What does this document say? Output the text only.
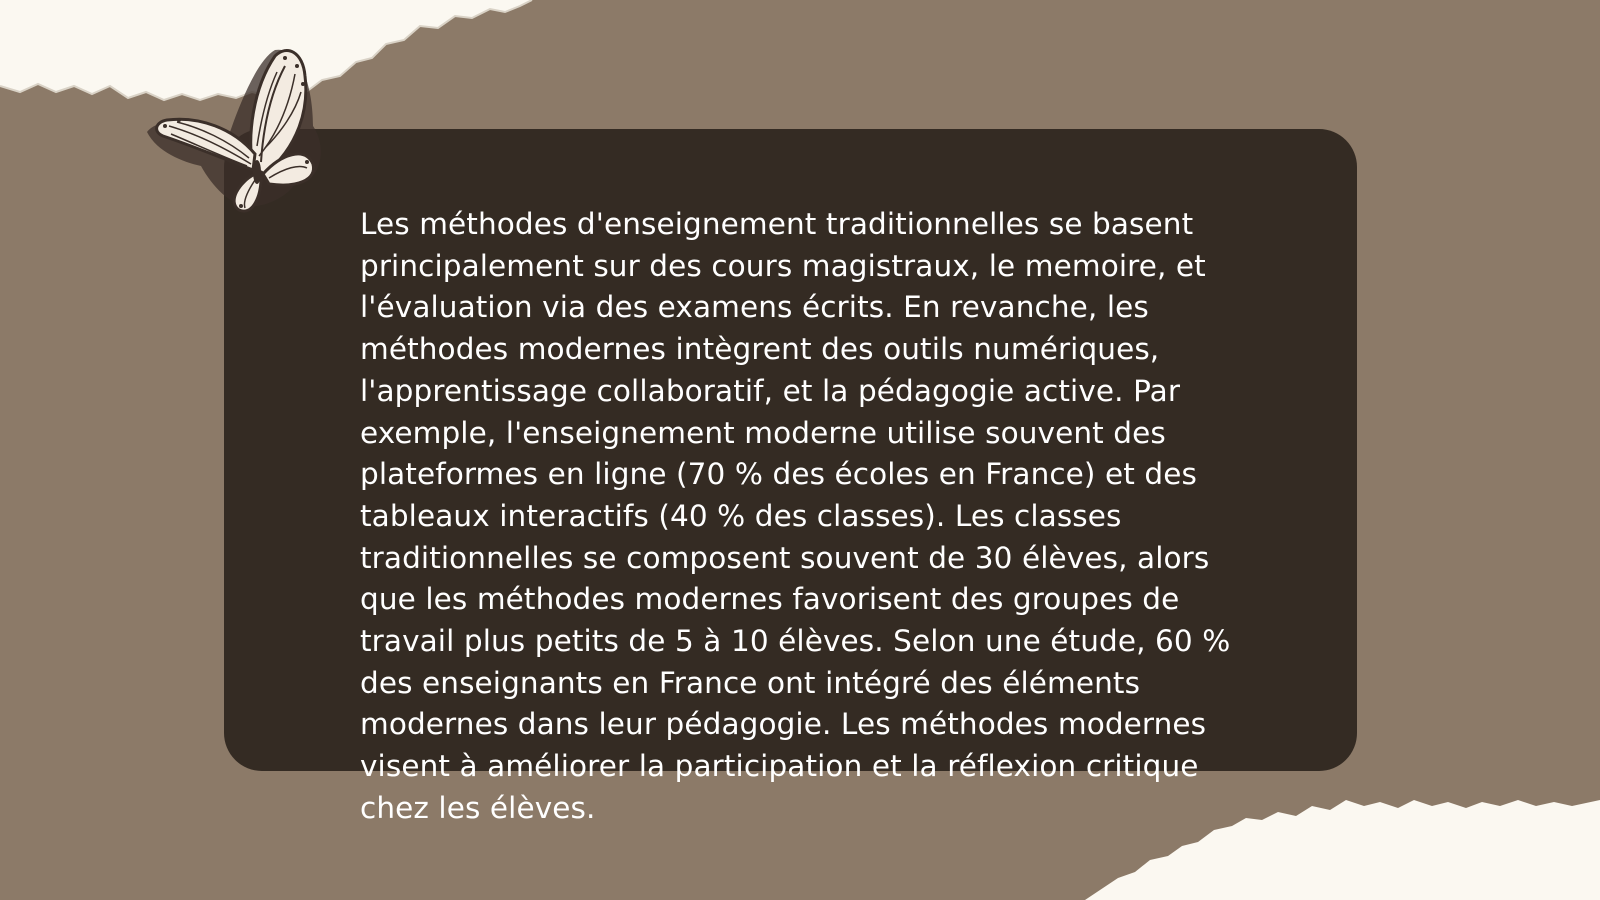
Les méthodes d'enseignement traditionnelles se basent principalement sur des cours magistraux, le memoire, et l'évaluation via des examens écrits. En revanche, les méthodes modernes intègrent des outils numériques, l'apprentissage collaboratif, et la pédagogie active. Par exemple, l'enseignement moderne utilise souvent des plateformes en ligne (70 % des écoles en France) et des tableaux interactifs (40 % des classes). Les classes traditionnelles se composent souvent de 30 élèves, alors que les méthodes modernes favorisent des groupes de travail plus petits de 5 à 10 élèves. Selon une étude, 60 % des enseignants en France ont intégré des éléments modernes dans leur pédagogie. Les méthodes modernes visent à améliorer la participation et la réflexion critique chez les élèves.
